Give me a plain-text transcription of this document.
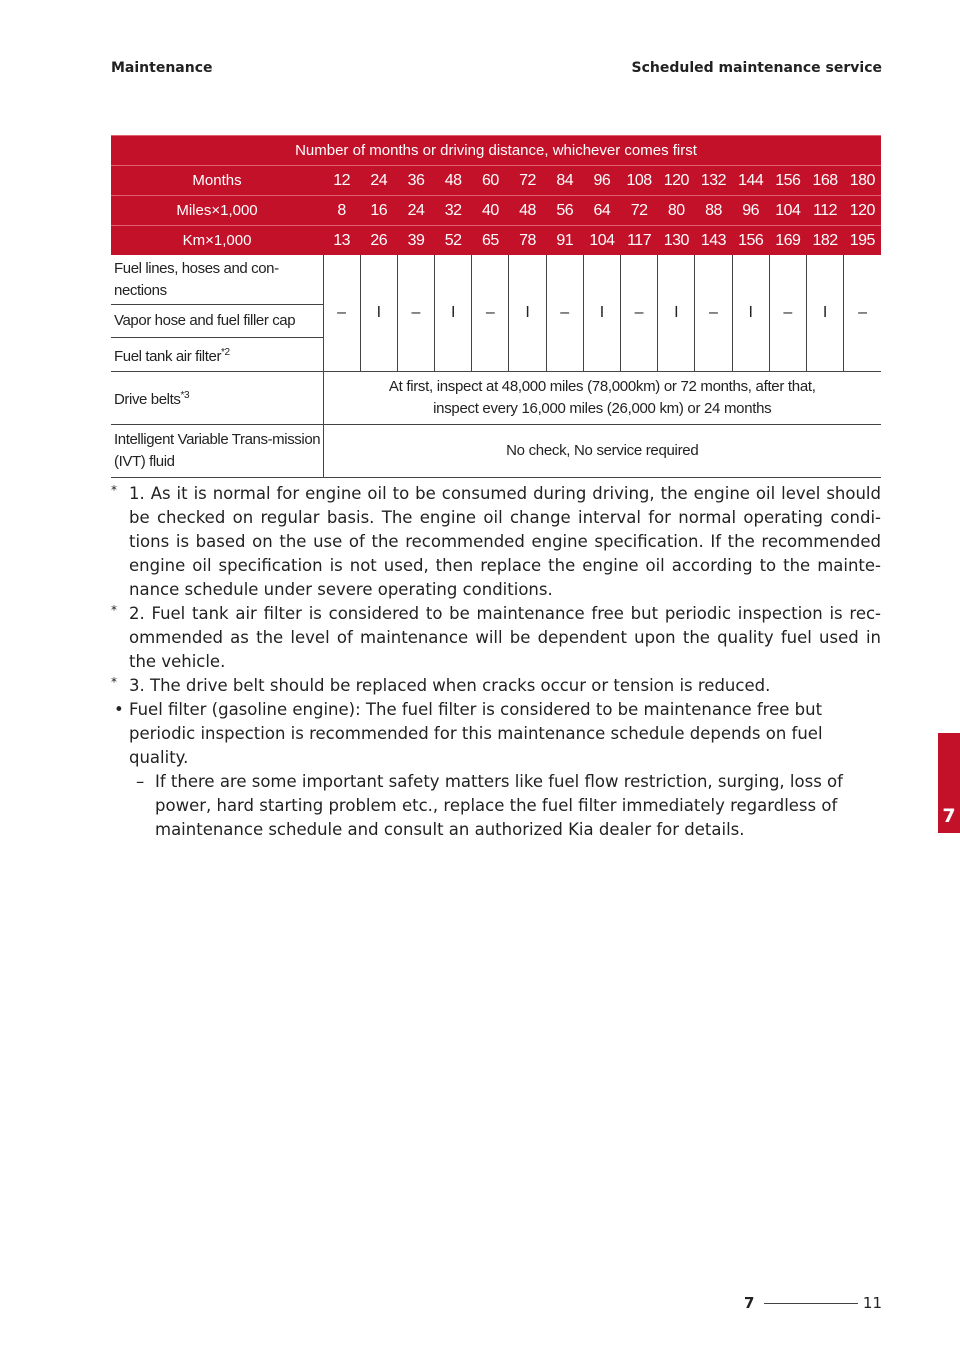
Maintenance	Scheduled maintenance service
Number of months or driving distance, whichever comes first															
Months	12	24	36	48	60	72	84	96	108	120	132	144	156	168	180
Miles×1,000	8	16	24	32	40	48	56	64	72	80	88	96	104	112	120
Km×1,000	13	26	39	52	65	78	91	104	117	130	143	156	169	182	195
Fuel lines, hoses and con-nections	–	I	–	I	–	I	–	I	–	I	–	I	–	I	–
Vapor hose and fuel filler cap															
Fuel tank air filter$^{*2}$
Drive belts$^{*3}$	At first, inspect at 48,000 miles (78,000km) or 72 months, after that,
inspect every 16,000 miles (26,000 km) or 24 months														

Intelligent Variable Trans-mission (IVT) fluid	No check, No service required														
* 1. As it is normal for engine oil to be consumed during driving, the engine oil level should be checked on regular basis. The engine oil change interval for normal operating condi-tions is based on the use of the recommended engine specification. If the recommended engine oil specification is not used, then replace the engine oil according to the mainte-nance schedule under severe operating conditions.
* 2. Fuel tank air filter is considered to be maintenance free but periodic inspection is rec-ommended as the level of maintenance will be dependent upon the quality fuel used in the vehicle.
* 3. The drive belt should be replaced when cracks occur or tension is reduced.
• Fuel filter (gasoline engine): The fuel filter is considered to be maintenance free but periodic inspection is recommended for this maintenance schedule depends on fuel quality.
– If there are some important safety matters like fuel flow restriction, surging, loss of power, hard starting problem etc., replace the fuel filter immediately regardless of maintenance schedule and consult an authorized Kia dealer for details.
7
7	11
